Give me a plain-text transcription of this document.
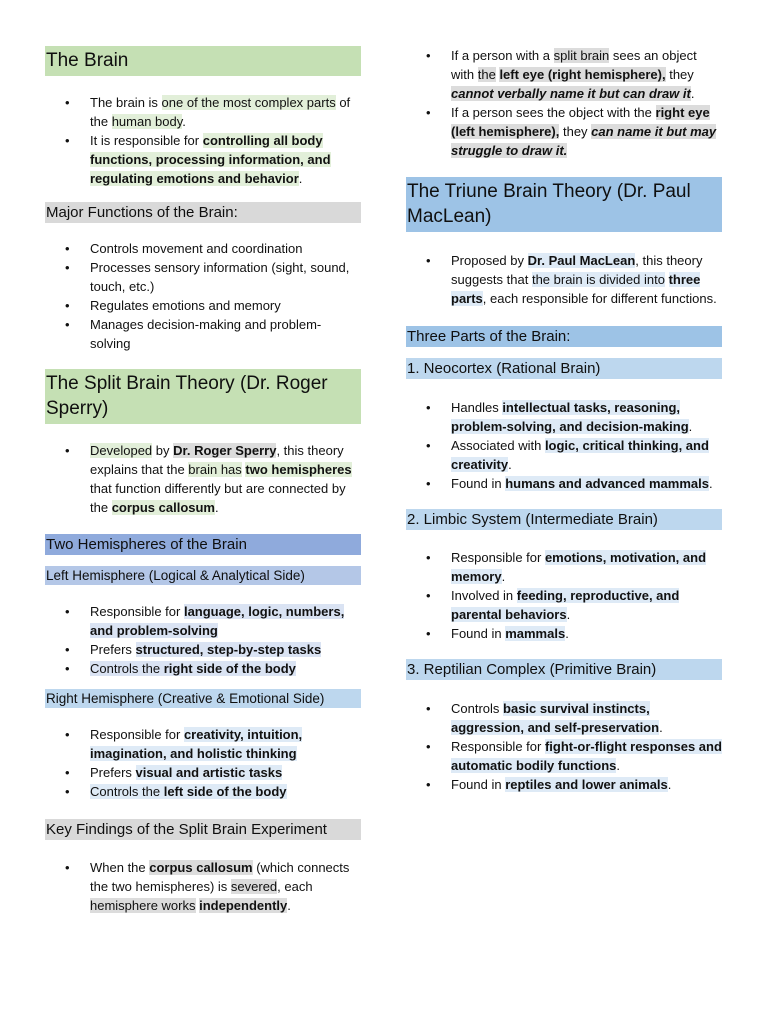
The Brain
• The brain is one of the most complex parts of the human body.
• It is responsible for controlling all body functions, processing information, and regulating emotions and behavior.
Major Functions of the Brain:
• Controls movement and coordination
• Processes sensory information (sight, sound, touch, etc.)
• Regulates emotions and memory
• Manages decision-making and problem-solving
The Split Brain Theory (Dr. Roger Sperry)
• Developed by Dr. Roger Sperry, this theory explains that the brain has two hemispheres that function differently but are connected by the corpus callosum.
Two Hemispheres of the Brain
Left Hemisphere (Logical & Analytical Side)
• Responsible for language, logic, numbers, and problem-solving
• Prefers structured, step-by-step tasks
• Controls the right side of the body
Right Hemisphere (Creative & Emotional Side)
• Responsible for creativity, intuition, imagination, and holistic thinking
• Prefers visual and artistic tasks
• Controls the left side of the body
Key Findings of the Split Brain Experiment
• When the corpus callosum (which connects the two hemispheres) is severed, each hemisphere works independently.
• If a person with a split brain sees an object with the left eye (right hemisphere), they cannot verbally name it but can draw it.
• If a person sees the object with the right eye (left hemisphere), they can name it but may struggle to draw it.
The Triune Brain Theory (Dr. Paul MacLean)
• Proposed by Dr. Paul MacLean, this theory suggests that the brain is divided into three parts, each responsible for different functions.
Three Parts of the Brain:
1. Neocortex (Rational Brain)
• Handles intellectual tasks, reasoning, problem-solving, and decision-making.
• Associated with logic, critical thinking, and creativity.
• Found in humans and advanced mammals.
2. Limbic System (Intermediate Brain)
• Responsible for emotions, motivation, and memory.
• Involved in feeding, reproductive, and parental behaviors.
• Found in mammals.
3. Reptilian Complex (Primitive Brain)
• Controls basic survival instincts, aggression, and self-preservation.
• Responsible for fight-or-flight responses and automatic bodily functions.
• Found in reptiles and lower animals.
